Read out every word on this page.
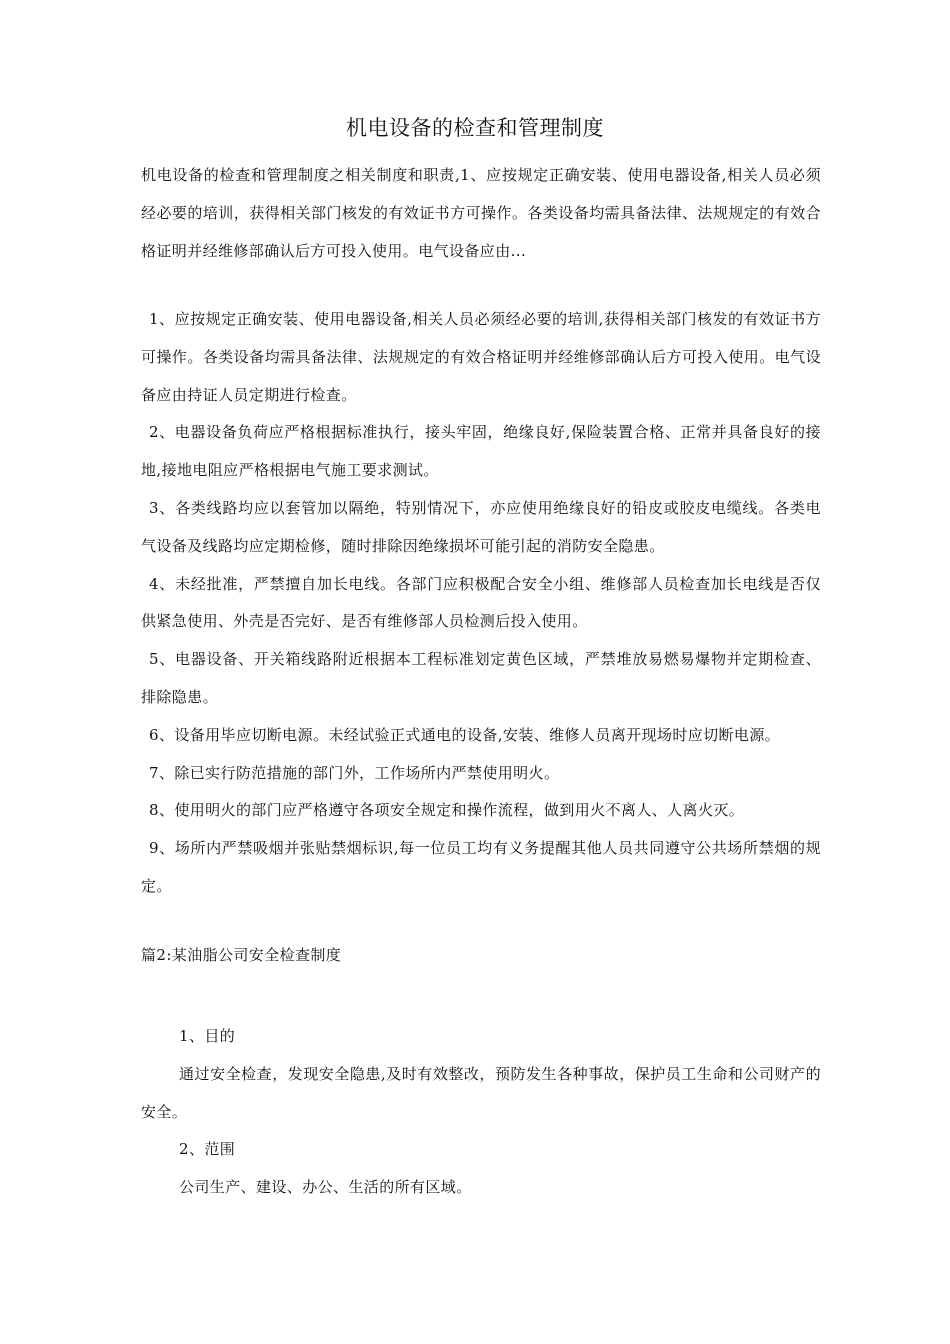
机电设备的检查和管理制度

机电设备的检查和管理制度之相关制度和职责,1、应按规定正确安装、使用电器设备,相关人员必须经必要的培训，获得相关部门核发的有效证书方可操作。各类设备均需具备法律、法规规定的有效合格证明并经维修部确认后方可投入使用。电气设备应由...

1、应按规定正确安装、使用电器设备,相关人员必须经必要的培训,获得相关部门核发的有效证书方可操作。各类设备均需具备法律、法规规定的有效合格证明并经维修部确认后方可投入使用。电气设备应由持证人员定期进行检查。

2、电器设备负荷应严格根据标准执行，接头牢固，绝缘良好,保险装置合格、正常并具备良好的接地,接地电阻应严格根据电气施工要求测试。

3、各类线路均应以套管加以隔绝，特别情况下，亦应使用绝缘良好的铅皮或胶皮电缆线。各类电气设备及线路均应定期检修，随时排除因绝缘损坏可能引起的消防安全隐患。

4、未经批准，严禁擅自加长电线。各部门应积极配合安全小组、维修部人员检查加长电线是否仅供紧急使用、外壳是否完好、是否有维修部人员检测后投入使用。

5、电器设备、开关箱线路附近根据本工程标准划定黄色区域，严禁堆放易燃易爆物并定期检查、排除隐患。

6、设备用毕应切断电源。未经试验正式通电的设备,安装、维修人员离开现场时应切断电源。

7、除已实行防范措施的部门外，工作场所内严禁使用明火。

8、使用明火的部门应严格遵守各项安全规定和操作流程，做到用火不离人、人离火灭。

9、场所内严禁吸烟并张贴禁烟标识,每一位员工均有义务提醒其他人员共同遵守公共场所禁烟的规定。

篇2:某油脂公司安全检查制度

1、目的

通过安全检查，发现安全隐患,及时有效整改，预防发生各种事故，保护员工生命和公司财产的安全。

2、范围

公司生产、建设、办公、生活的所有区域。
